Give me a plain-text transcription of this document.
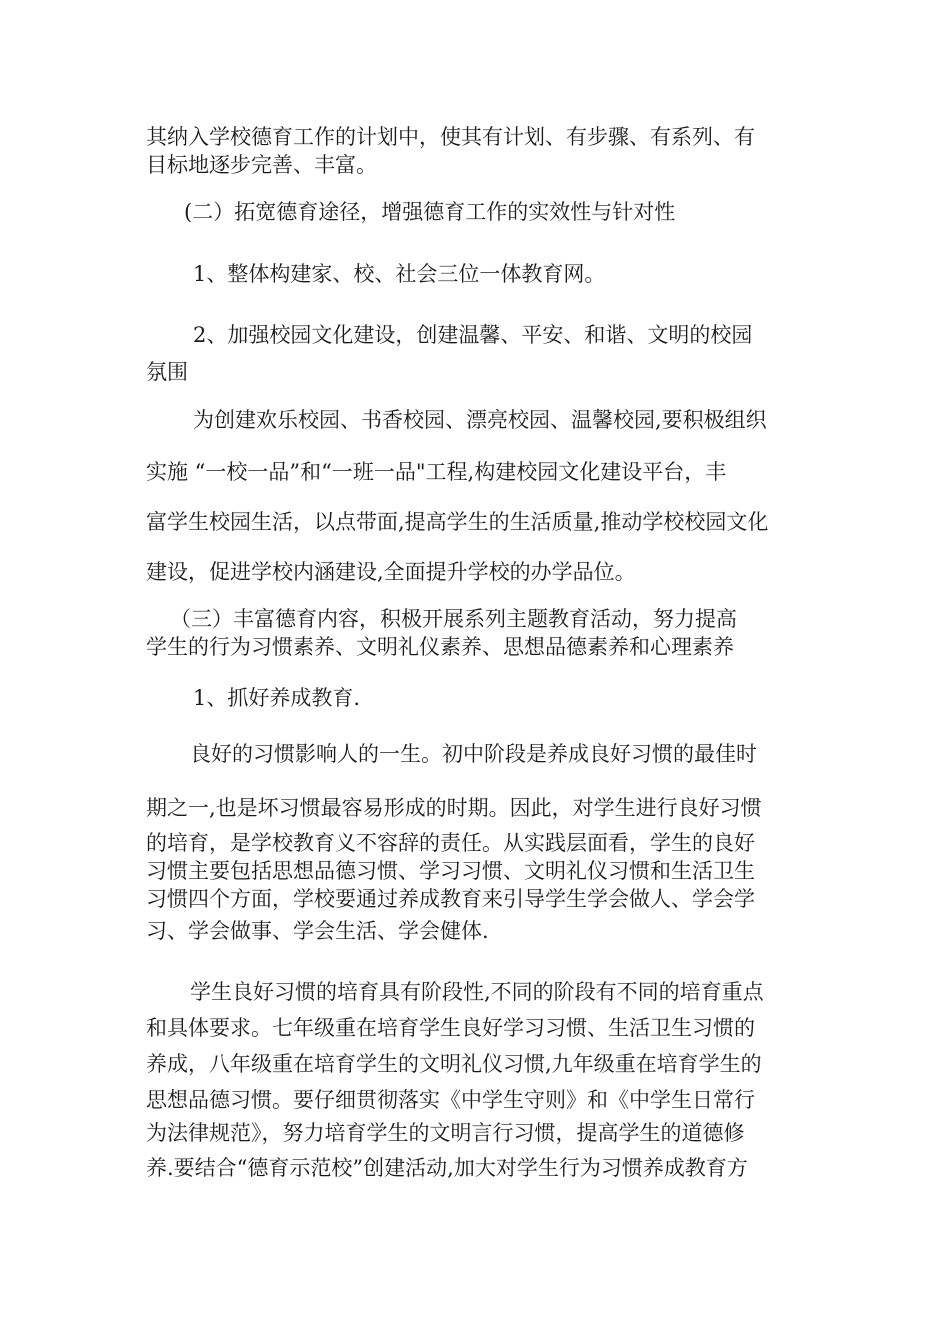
其纳入学校德育工作的计划中，使其有计划、有步骤、有系列、有
目标地逐步完善、丰富。
(二）拓宽德育途径，增强德育工作的实效性与针对性
1、整体构建家、校、社会三位一体教育网。
2、加强校园文化建设，创建温馨、平安、和谐、文明的校园
氛围
为创建欢乐校园、书香校园、漂亮校园、温馨校园,要积极组织
实施 “一校一品”和“一班一品"工程,构建校园文化建设平台，丰
富学生校园生活，以点带面,提高学生的生活质量,推动学校校园文化
建设，促进学校内涵建设,全面提升学校的办学品位。
（三）丰富德育内容，积极开展系列主题教育活动，努力提高
学生的行为习惯素养、文明礼仪素养、思想品德素养和心理素养
1、抓好养成教育.
良好的习惯影响人的一生。初中阶段是养成良好习惯的最佳时
期之一,也是坏习惯最容易形成的时期。因此，对学生进行良好习惯
的培育，是学校教育义不容辞的责任。从实践层面看，学生的良好
习惯主要包括思想品德习惯、学习习惯、文明礼仪习惯和生活卫生
习惯四个方面，学校要通过养成教育来引导学生学会做人、学会学
习、学会做事、学会生活、学会健体.
学生良好习惯的培育具有阶段性,不同的阶段有不同的培育重点
和具体要求。七年级重在培育学生良好学习习惯、生活卫生习惯的
养成，八年级重在培育学生的文明礼仪习惯,九年级重在培育学生的
思想品德习惯。要仔细贯彻落实《中学生守则》和《中学生日常行
为法律规范》，努力培育学生的文明言行习惯，提高学生的道德修
养.要结合“德育示范校”创建活动,加大对学生行为习惯养成教育方
